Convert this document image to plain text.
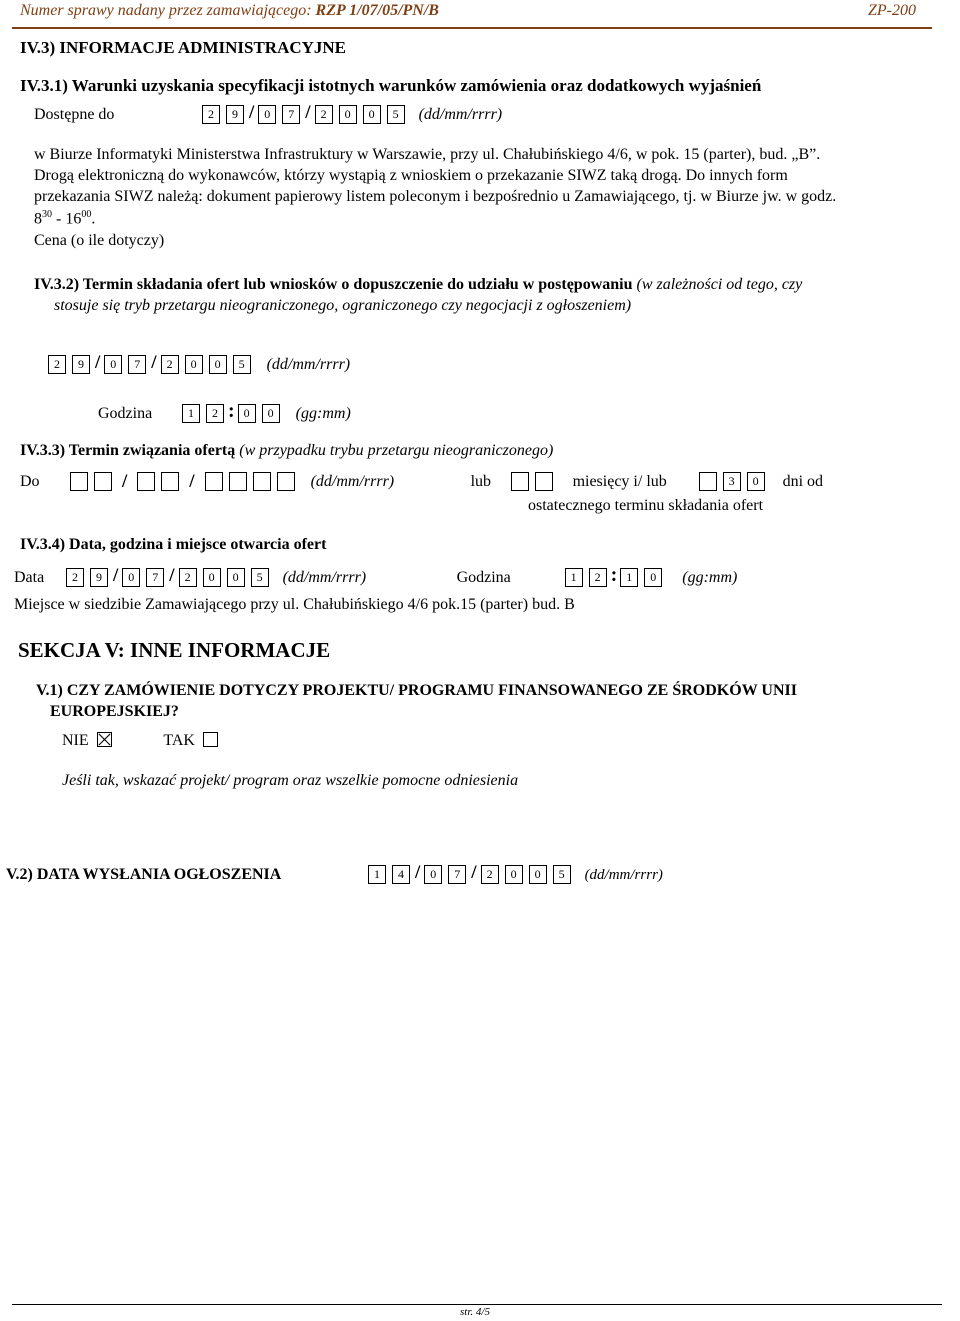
Numer sprawy nadany przez zamawiającego: RZP 1/07/05/PN/B	ZP-200
IV.3) INFORMACJE ADMINISTRACYJNE
IV.3.1) Warunki uzyskania specyfikacji istotnych warunków zamówienia oraz dodatkowych wyjaśnień
Dostępne do	2 9 / 0 7 / 2 0 0 5	(dd/mm/rrrr)
w Biurze Informatyki Ministerstwa Infrastruktury w Warszawie, przy ul. Chałubińskiego 4/6, w pok. 15 (parter), bud. „B”.
Drogą elektroniczną do wykonawców, którzy wystąpią z wnioskiem o przekazanie SIWZ taką drogą. Do innych form
przekazania SIWZ należą: dokument papierowy listem poleconym i bezpośrednio u Zamawiającego, tj. w Biurze jw. w godz.
$8^{30} - 16^{00}$.
Cena (o ile dotyczy)
IV.3.2) Termin składania ofert lub wniosków o dopuszczenie do udziału w postępowaniu (w zależności od tego, czy
stosuje się tryb przetargu nieograniczonego, ograniczonego czy negocjacji z ogłoszeniem)
2 9 / 0 7 / 2 0 0 5	(dd/mm/rrrr)
Godzina	1 2 : 0 0	(gg:mm)
IV.3.3) Termin związania ofertą (w przypadku trybu przetargu nieograniczonego)
Do	/	/	(dd/mm/rrrr)	lub	miesięcy i/ lub	3 0	dni od
ostatecznego terminu składania ofert
IV.3.4) Data, godzina i miejsce otwarcia ofert
Data	2 9 / 0 7 / 2 0 0 5	(dd/mm/rrrr)	Godzina	1 2 : 1 0	(gg:mm)
Miejsce w siedzibie Zamawiającego przy ul. Chałubińskiego 4/6 pok.15 (parter) bud. B
SEKCJA V: INNE INFORMACJE
V.1) CZY ZAMÓWIENIE DOTYCZY PROJEKTU/ PROGRAMU FINANSOWANEGO ZE ŚRODKÓW UNII
EUROPEJSKIEJ?
NIE	TAK
Jeśli tak, wskazać projekt/ program oraz wszelkie pomocne odniesienia
V.2) DATA WYSŁANIA OGŁOSZENIA	1 4 / 0 7 / 2 0 0 5	(dd/mm/rrrr)
str. 4/5
